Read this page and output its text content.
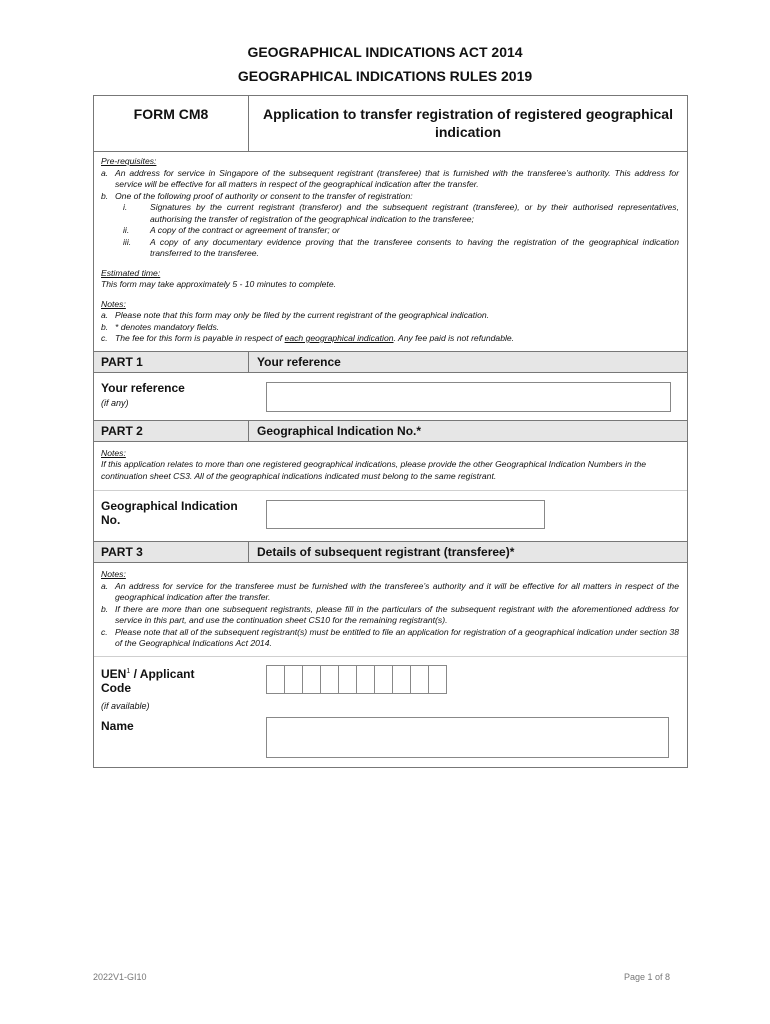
GEOGRAPHICAL INDICATIONS ACT 2014
GEOGRAPHICAL INDICATIONS RULES 2019
FORM CM8	Application to transfer registration of registered geographical indication

Pre-requisites:

a. An address for service in Singapore of the subsequent registrant (transferee) that is furnished with the transferee’s authority. This address for service will be effective for all matters in respect of the geographical indication after the transfer.
b. One of the following proof of authority or consent to the transfer of registration:
i.	Signatures by the current registrant (transferor) and the subsequent registrant (transferee), or by their authorised representatives, authorising the transfer of registration of the geographical indication to the transferee;
ii.	A copy of the contract or agreement of transfer; or
iii.	A copy of any documentary evidence proving that the transferee consents to having the registration of the geographical indication transferred to the transferee.

Estimated time:

This form may take approximately 5 - 10 minutes to complete.

Notes:

a. Please note that this form may only be filed by the current registrant of the geographical indication.
b. * denotes mandatory fields.
c. The fee for this form is payable in respect of each geographical indication. Any fee paid is not refundable.
PART 1	Your reference
Your reference
(if any)
PART 2	Geographical Indication No.*

Notes:

If this application relates to more than one registered geographical indications, please provide the other Geographical Indication Numbers in the continuation sheet CS3. All of the geographical indications indicated must belong to the same registrant.

Geographical Indication No.
PART 3	Details of subsequent registrant (transferee)*

Notes:

a. An address for service for the transferee must be furnished with the transferee’s authority and it will be effective for all matters in respect of the geographical indication after the transfer.
b. If there are more than one subsequent registrants, please fill in the particulars of the subsequent registrant with the aforementioned address for service in this part, and use the continuation sheet CS10 for the remaining registrant(s).
c. Please note that all of the subsequent registrant(s) must be entitled to file an application for registration of a geographical indication under section 38 of the Geographical Indications Act 2014.
UEN$^1$ / Applicant Code
(if available)
Name
2022V1-GI10	Page 1 of 8
